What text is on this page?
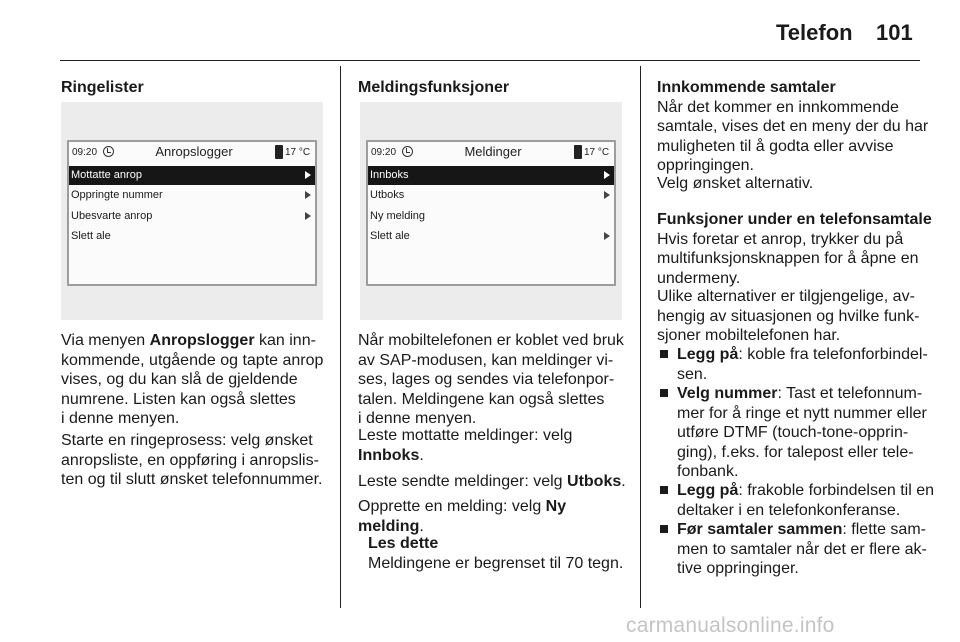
Telefon 101
Ringelister
09:20	Anropslogger	17 °C
Mottatte anrop
Oppringte nummer
Ubesvarte anrop
Slett ale
Via menyen Anropslogger kan inn-
kommende, utgående og tapte anrop
vises, og du kan slå de gjeldende
numrene. Listen kan også slettes
i denne menyen.
Starte en ringeprosess: velg ønsket
anropsliste, en oppføring i anropslis-
ten og til slutt ønsket telefonnummer.
Meldingsfunksjoner
09:20	Meldinger	17 °C
Innboks
Utboks
Ny melding
Slett ale
Når mobiltelefonen er koblet ved bruk
av SAP-modusen, kan meldinger vi-
ses, lages og sendes via telefonpor-
talen. Meldingene kan også slettes
i denne menyen.
Leste mottatte meldinger: velg
Innboks.
Leste sendte meldinger: velg Utboks.
Opprette en melding: velg Ny
melding.
Les dette
Meldingene er begrenset til 70 tegn.
Innkommende samtaler
Når det kommer en innkommende
samtale, vises det en meny der du har
muligheten til å godta eller avvise
oppringingen.
Velg ønsket alternativ.
Funksjoner under en telefonsamtale
Hvis foretar et anrop, trykker du på
multifunksjonsknappen for å åpne en
undermeny.
Ulike alternativer er tilgjengelige, av-
hengig av situasjonen og hvilke funk-
sjoner mobiltelefonen har.
Legg på: koble fra telefonforbindel-
sen.
Velg nummer: Tast et telefonnum-
mer for å ringe et nytt nummer eller
utføre DTMF (touch-tone-opprin-
ging), f.eks. for talepost eller tele-
fonbank.
Legg på: frakoble forbindelsen til en
deltaker i en telefonkonferanse.
Før samtaler sammen: flette sam-
men to samtaler når det er flere ak-
tive oppringinger.
carmanualsonline.info
